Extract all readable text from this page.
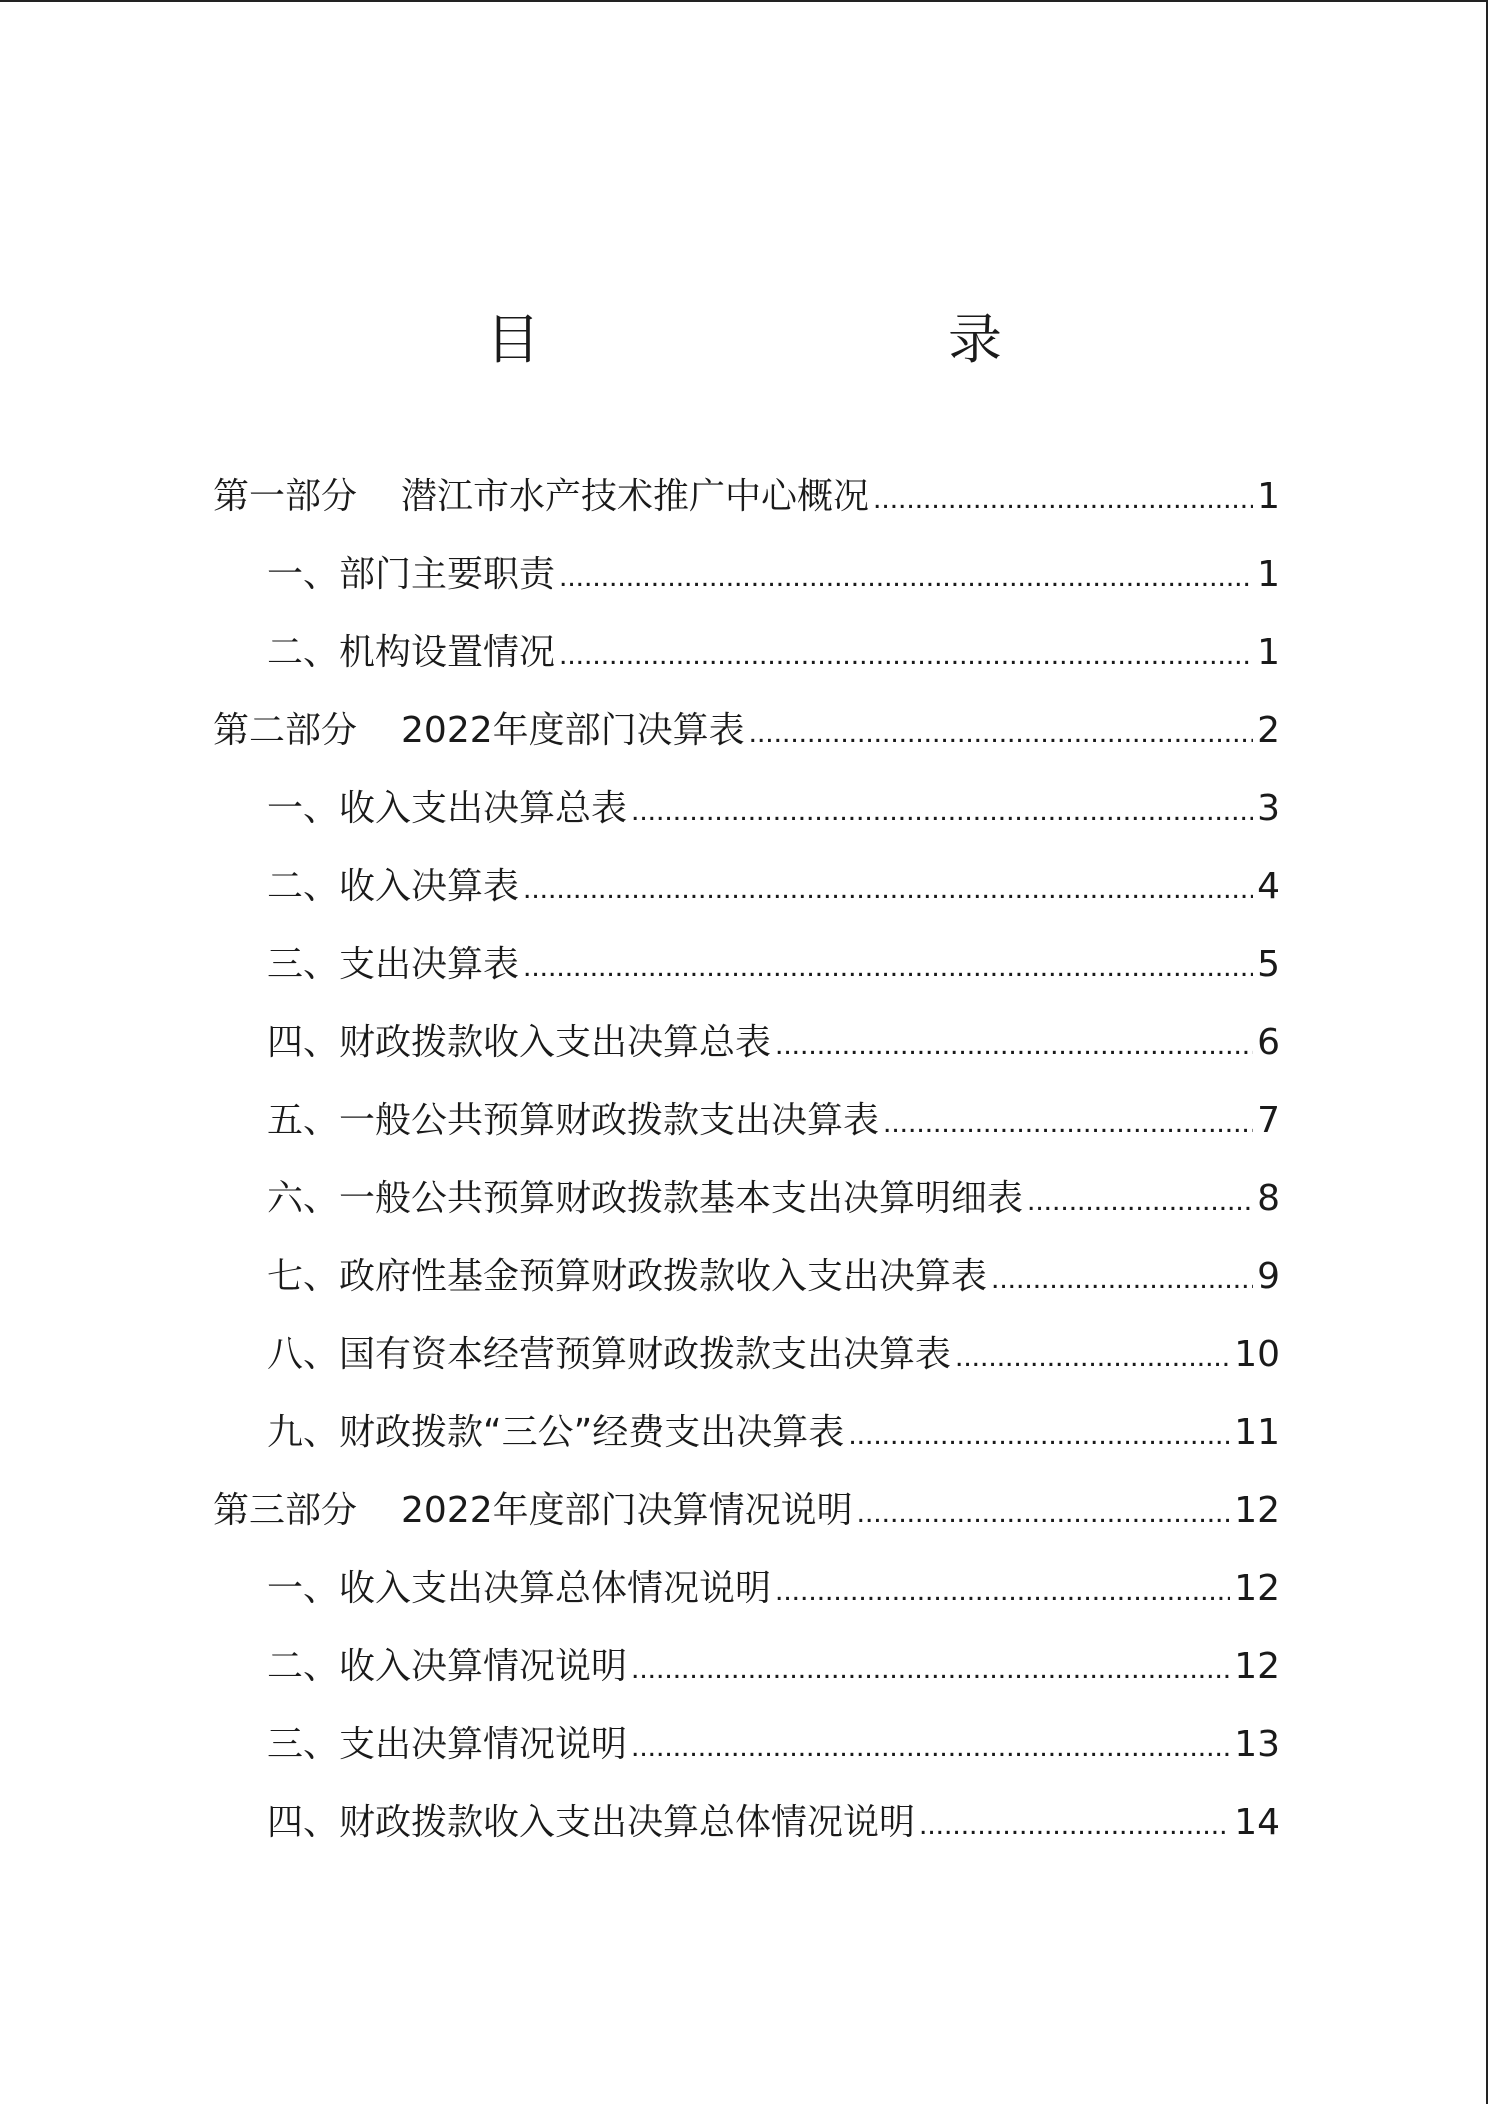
目　　录
第一部分 潜江市水产技术推广中心概况 .....	1
一、部门主要职责 .....	1
二、机构设置情况 .....	1
第二部分 2022年度部门决算表 .....	2
一、收入支出决算总表 .....	3
二、收入决算表 .....	4
三、支出决算表 .....	5
四、财政拨款收入支出决算总表 .....	6
五、一般公共预算财政拨款支出决算表 .....	7
六、一般公共预算财政拨款基本支出决算明细表 .....	8
七、政府性基金预算财政拨款收入支出决算表 .....	9
八、国有资本经营预算财政拨款支出决算表 .....	10
九、财政拨款“三公”经费支出决算表 .....	11
第三部分 2022年度部门决算情况说明 .....	12
一、收入支出决算总体情况说明 .....	12
二、收入决算情况说明 .....	12
三、支出决算情况说明 .....	13
四、财政拨款收入支出决算总体情况说明 .....	14
